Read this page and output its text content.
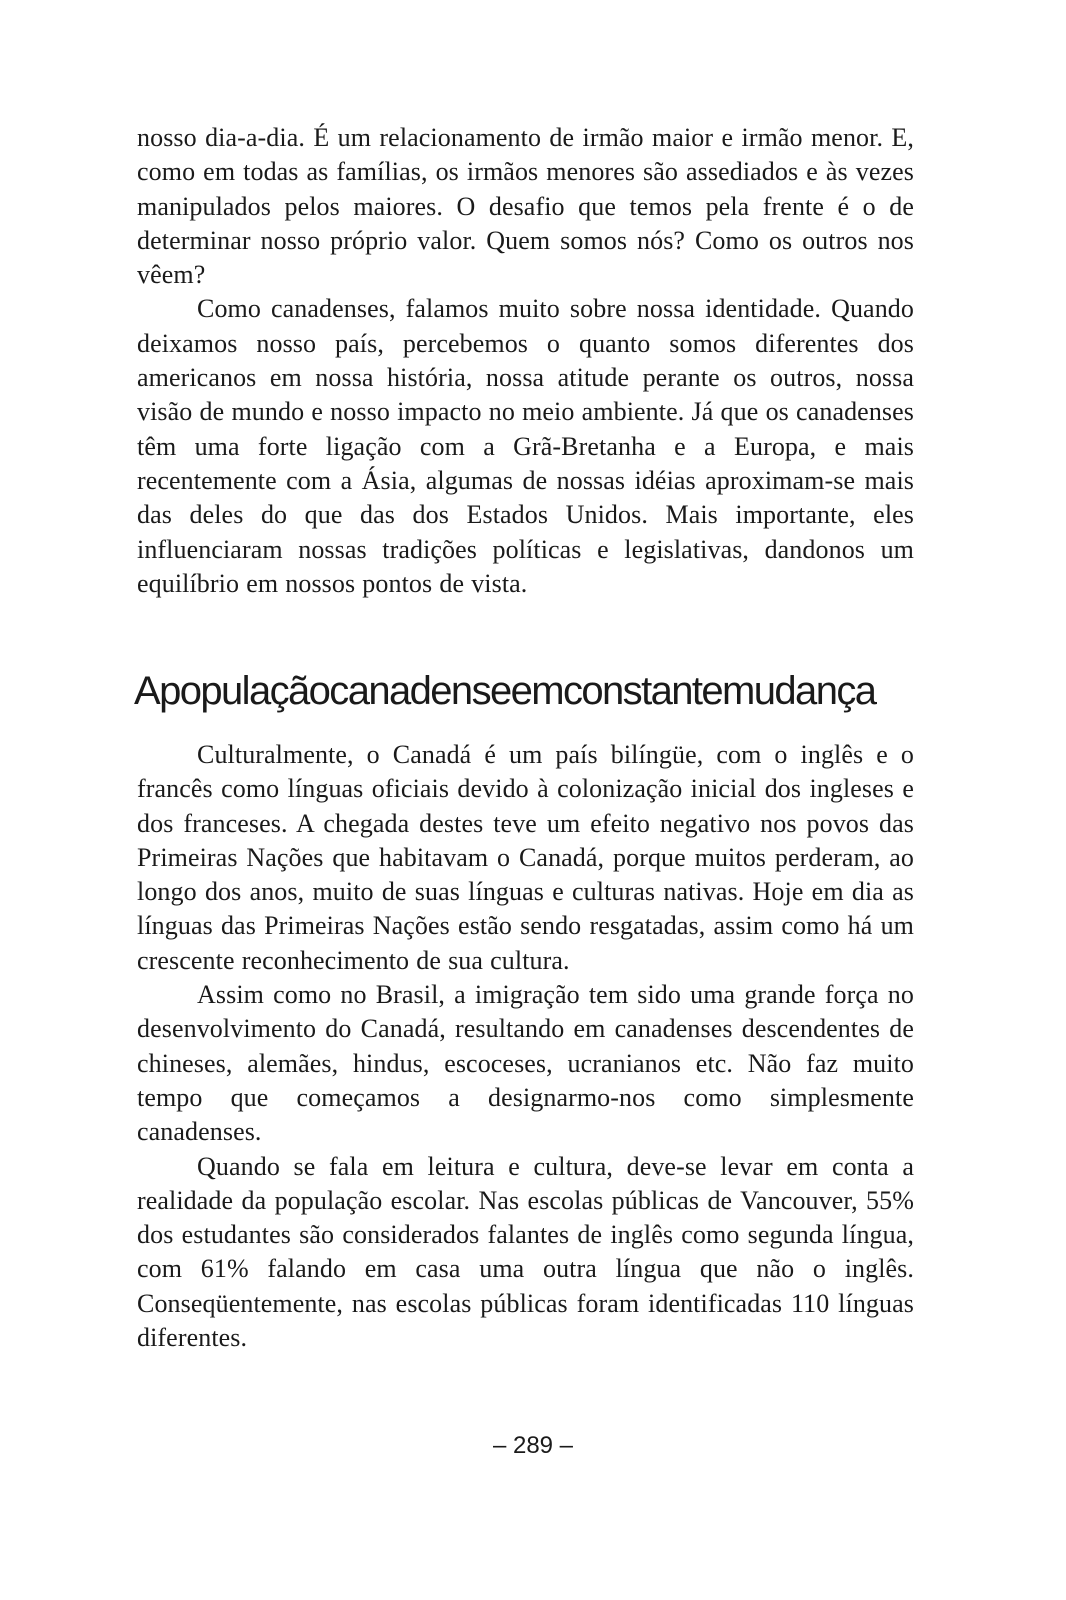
nosso dia-a-dia. É um relacionamento de irmão maior e irmão menor. E, como em todas as famílias, os irmãos menores são assediados e às vezes manipulados pelos maiores. O desafio que temos pela frente é o de determinar nosso próprio valor. Quem somos nós? Como os outros nos vêem?

Como canadenses, falamos muito sobre nossa identidade. Quando deixamos nosso país, percebemos o quanto somos diferentes dos americanos em nossa história, nossa atitude perante os outros, nossa visão de mundo e nosso impacto no meio ambiente. Já que os canadenses têm uma forte ligação com a Grã-Bretanha e a Europa, e mais recentemente com a Ásia, algumas de nossas idéias aproximam-se mais das deles do que das dos Estados Unidos. Mais importante, eles influenciaram nossas tradições políticas e legislativas, dandonos um equilíbrio em nossos pontos de vista.

Apopulaçãocanadenseemconstantemudança

Culturalmente, o Canadá é um país bilíngüe, com o inglês e o francês como línguas oficiais devido à colonização inicial dos ingleses e dos franceses. A chegada destes teve um efeito negativo nos povos das Primeiras Nações que habitavam o Canadá, porque muitos perderam, ao longo dos anos, muito de suas línguas e culturas nativas. Hoje em dia as línguas das Primeiras Nações estão sendo resgatadas, assim como há um crescente reconhecimento de sua cultura.

Assim como no Brasil, a imigração tem sido uma grande força no desenvolvimento do Canadá, resultando em canadenses descendentes de chineses, alemães, hindus, escoceses, ucranianos etc. Não faz muito tempo que começamos a designarmo-nos como simplesmente canadenses.

Quando se fala em leitura e cultura, deve-se levar em conta a realidade da população escolar. Nas escolas públicas de Vancouver, 55% dos estudantes são considerados falantes de inglês como segunda língua, com 61% falando em casa uma outra língua que não o inglês. Conseqüentemente, nas escolas públicas foram identificadas 110 línguas diferentes.

– 289 –
